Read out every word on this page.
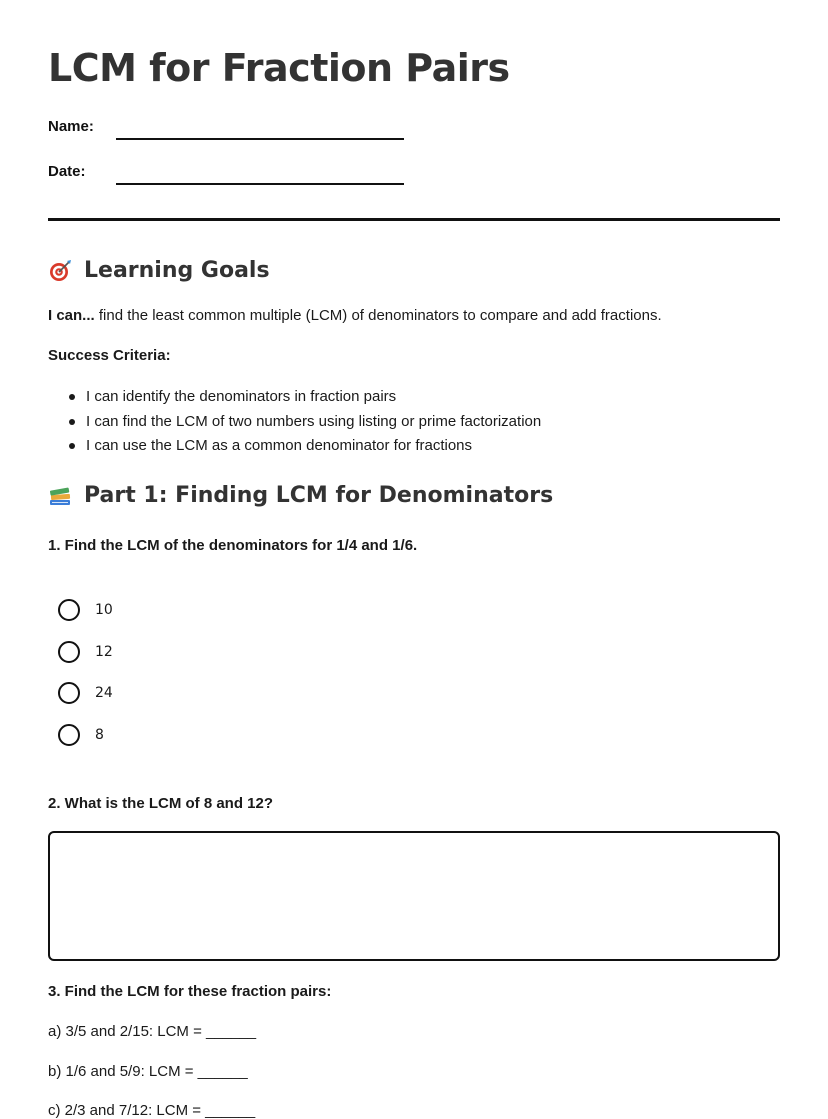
LCM for Fraction Pairs
Name:
Date:
Learning Goals
I can... find the least common multiple (LCM) of denominators to compare and add fractions.
Success Criteria:
I can identify the denominators in fraction pairs
I can find the LCM of two numbers using listing or prime factorization
I can use the LCM as a common denominator for fractions
Part 1: Finding LCM for Denominators
1. Find the LCM of the denominators for 1/4 and 1/6.
10
12
24
8
2. What is the LCM of 8 and 12?
3. Find the LCM for these fraction pairs:
a) 3/5 and 2/15: LCM = ______
b) 1/6 and 5/9: LCM = ______
c) 2/3 and 7/12: LCM = ______
